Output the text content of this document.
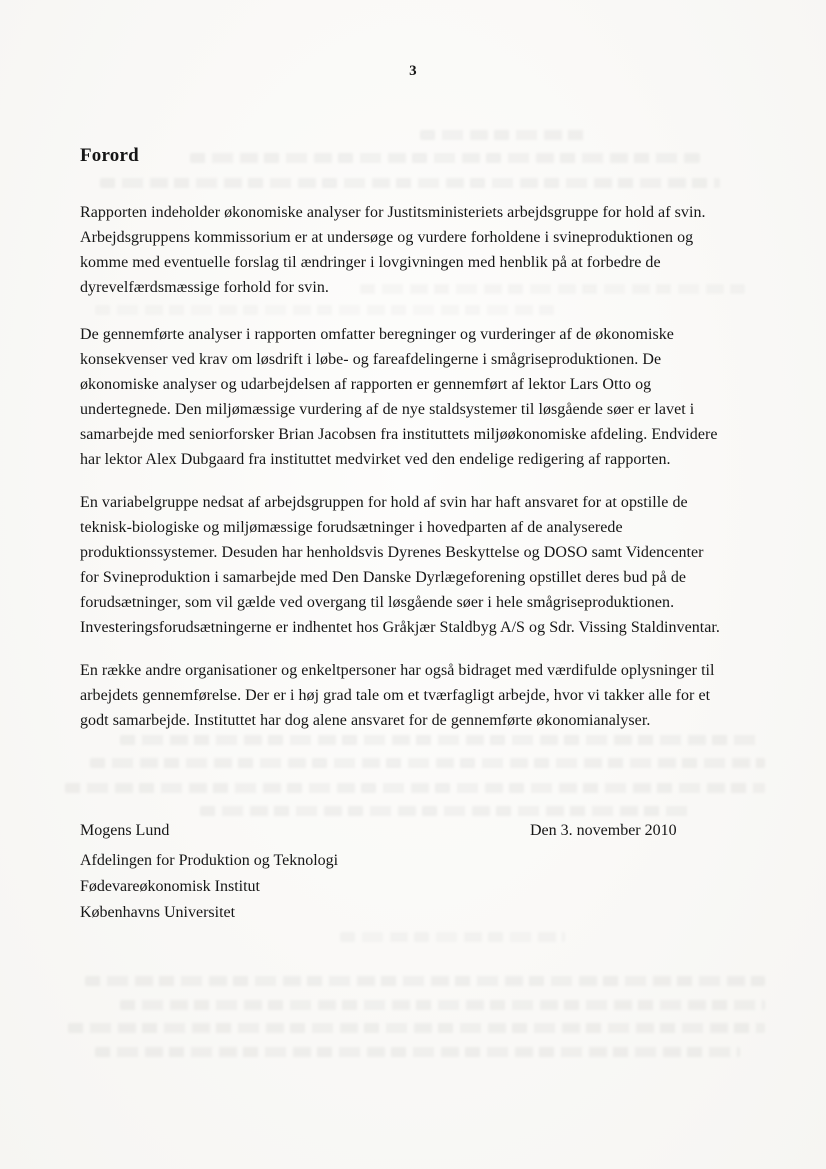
3
Forord
Rapporten indeholder økonomiske analyser for Justitsministeriets arbejdsgruppe for hold af svin.
Arbejdsgruppens kommissorium er at undersøge og vurdere forholdene i svineproduktionen og
komme med eventuelle forslag til ændringer i lovgivningen med henblik på at forbedre de
dyrevelfærdsmæssige forhold for svin.
De gennemførte analyser i rapporten omfatter beregninger og vurderinger af de økonomiske
konsekvenser ved krav om løsdrift i løbe- og fareafdelingerne i smågriseproduktionen. De
økonomiske analyser og udarbejdelsen af rapporten er gennemført af lektor Lars Otto og
undertegnede. Den miljømæssige vurdering af de nye staldsystemer til løsgående søer er lavet i
samarbejde med seniorforsker Brian Jacobsen fra instituttets miljøøkonomiske afdeling. Endvidere
har lektor Alex Dubgaard fra instituttet medvirket ved den endelige redigering af rapporten.
En variabelgruppe nedsat af arbejdsgruppen for hold af svin har haft ansvaret for at opstille de
teknisk-biologiske og miljømæssige forudsætninger i hovedparten af de analyserede
produktionssystemer. Desuden har henholdsvis Dyrenes Beskyttelse og DOSO samt Videncenter
for Svineproduktion i samarbejde med Den Danske Dyrlægeforening opstillet deres bud på de
forudsætninger, som vil gælde ved overgang til løsgående søer i hele smågriseproduktionen.
Investeringsforudsætningerne er indhentet hos Gråkjær Staldbyg A/S og Sdr. Vissing Staldinventar.
En række andre organisationer og enkeltpersoner har også bidraget med værdifulde oplysninger til
arbejdets gennemførelse. Der er i høj grad tale om et tværfagligt arbejde, hvor vi takker alle for et
godt samarbejde. Instituttet har dog alene ansvaret for de gennemførte økonomianalyser.
Mogens Lund	Den 3. november 2010
Afdelingen for Produktion og Teknologi
Fødevareøkonomisk Institut
Københavns Universitet
